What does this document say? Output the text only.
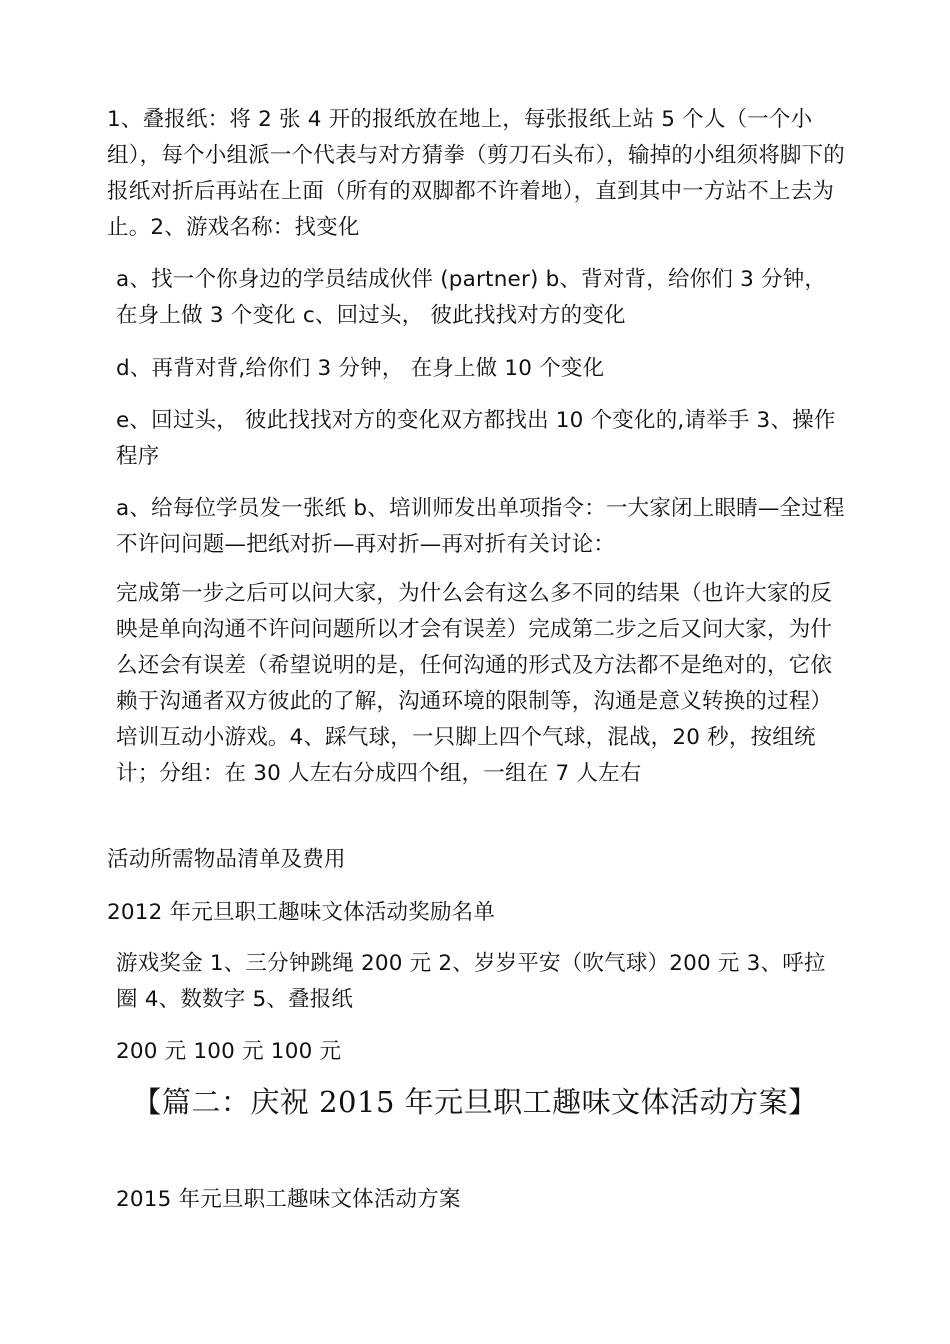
1、叠报纸：将 2 张 4 开的报纸放在地上，每张报纸上站 5 个人（一个小组），每个小组派一个代表与对方猜拳（剪刀石头布），输掉的小组须将脚下的报纸对折后再站在上面（所有的双脚都不许着地），直到其中一方站不上去为止。2、游戏名称：找变化
a、找一个你身边的学员结成伙伴 (partner) b、背对背，给你们 3 分钟， 在身上做 3 个变化 c、回过头， 彼此找找对方的变化
d、再背对背,给你们 3 分钟， 在身上做 10 个变化
e、回过头， 彼此找找对方的变化双方都找出 10 个变化的,请举手 3、操作程序
a、给每位学员发一张纸 b、培训师发出单项指令：一大家闭上眼睛—全过程不许问问题—把纸对折—再对折—再对折有关讨论：
完成第一步之后可以问大家，为什么会有这么多不同的结果（也许大家的反映是单向沟通不许问问题所以才会有误差）完成第二步之后又问大家，为什么还会有误差（希望说明的是，任何沟通的形式及方法都不是绝对的，它依赖于沟通者双方彼此的了解，沟通环境的限制等，沟通是意义转换的过程）培训互动小游戏。4、踩气球，一只脚上四个气球，混战，20 秒，按组统计；分组：在 30 人左右分成四个组，一组在 7 人左右
活动所需物品清单及费用
2012 年元旦职工趣味文体活动奖励名单
游戏奖金 1、三分钟跳绳 200 元 2、岁岁平安（吹气球）200 元 3、呼拉圈 4、数数字 5、叠报纸
200 元 100 元 100 元
【篇二：庆祝 2015 年元旦职工趣味文体活动方案】
2015 年元旦职工趣味文体活动方案
